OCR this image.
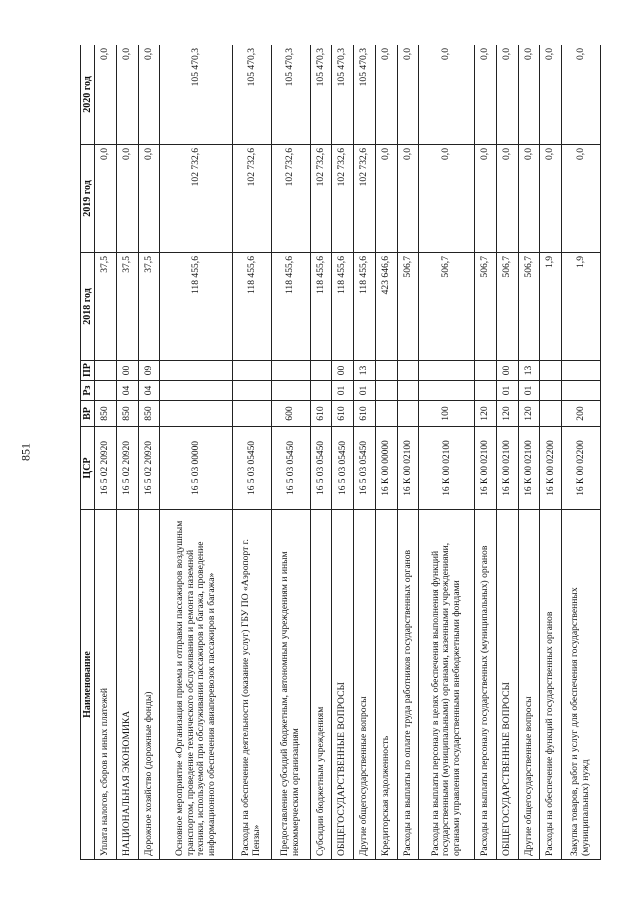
851
Наименование	ЦСР	ВР	Рз	ПР	2018 год	2019 год	2020 год
Уплата налогов, сборов и иных платежей	16 5 02 20920	850			37,5	0,0	0,0
НАЦИОНАЛЬНАЯ ЭКОНОМИКА	16 5 02 20920	850	04	00	37,5	0,0	0,0
Дорожное хозяйство (дорожные фонды)	16 5 02 20920	850	04	09	37,5	0,0	0,0
Основное мероприятие «Организация приема и отправки пассажиров воздушным транспортом, проведение технического обслуживания и ремонта наземной техники, используемой при обслуживании пассажиров и багажа, проведение информационного обеспечения авиаперевозок пассажиров и багажа»	16 5 03 00000				118 455,6	102 732,6	105 470,3
Расходы на обеспечение деятельности (оказание услуг) ГБУ ПО «Аэропорт г. Пензы»	16 5 03 05450				118 455,6	102 732,6	105 470,3
Предоставление субсидий бюджетным, автономным учреждениям и иным некоммерческим организациям	16 5 03 05450	600			118 455,6	102 732,6	105 470,3
Субсидии бюджетным учреждениям	16 5 03 05450	610			118 455,6	102 732,6	105 470,3
ОБЩЕГОСУДАРСТВЕННЫЕ ВОПРОСЫ	16 5 03 05450	610	01	00	118 455,6	102 732,6	105 470,3
Другие общегосударственные вопросы	16 5 03 05450	610	01	13	118 455,6	102 732,6	105 470,3
Кредиторская задолженность	16 К 00 00000				423 646,6	0,0	0,0
Расходы на выплаты по оплате труда работников государственных органов	16 К 00 02100				506,7	0,0	0,0
Расходы на выплаты персоналу в целях обеспечения выполнения функций государственными (муниципальными) органами, казенными учреждениями, органами управления государственными внебюджетными фондами	16 К 00 02100	100			506,7	0,0	0,0
Расходы на выплаты персоналу государственных (муниципальных) органов	16 К 00 02100	120			506,7	0,0	0,0
ОБЩЕГОСУДАРСТВЕННЫЕ ВОПРОСЫ	16 К 00 02100	120	01	00	506,7	0,0	0,0
Другие общегосударственные вопросы	16 К 00 02100	120	01	13	506,7	0,0	0,0
Расходы на обеспечение функций государственных органов	16 К 00 02200				1,9	0,0	0,0
Закупка товаров, работ и услуг для обеспечения государственных (муниципальных) нужд	16 К 00 02200	200			1,9	0,0	0,0
